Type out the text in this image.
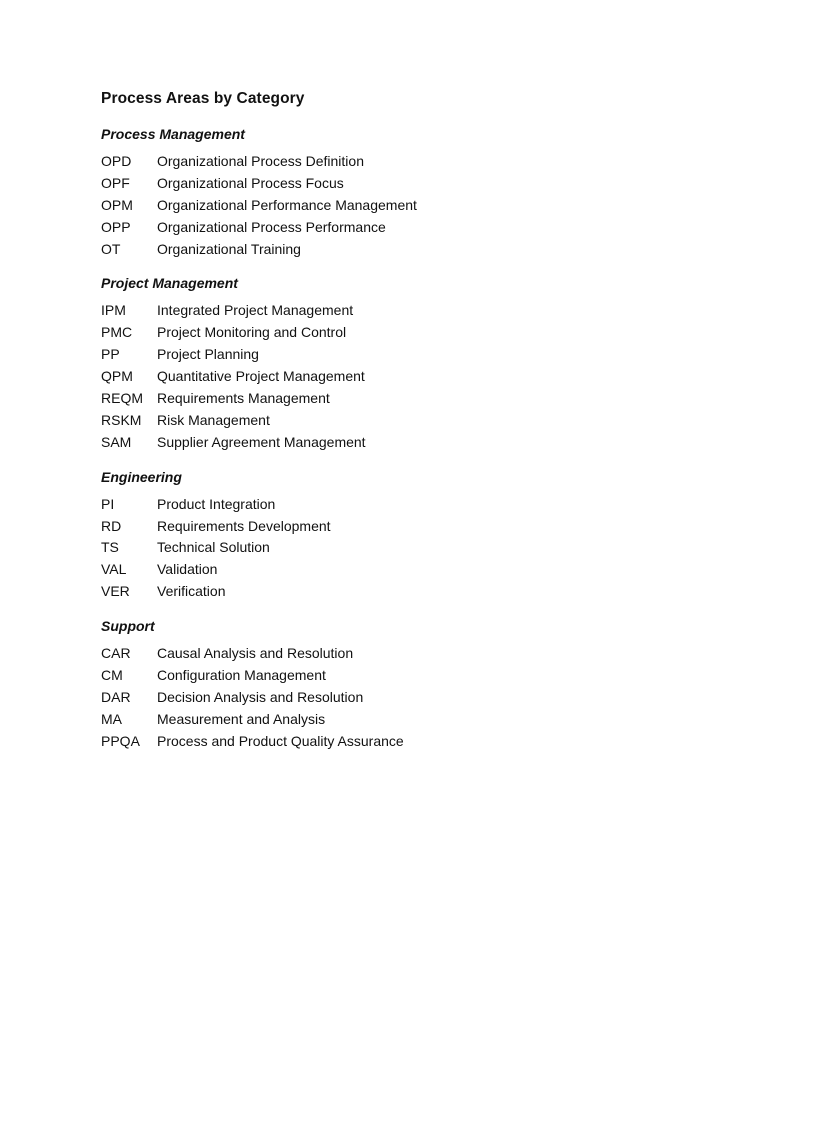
Process Areas by Category
Process Management
OPD	Organizational Process Definition
OPF	Organizational Process Focus
OPM	Organizational Performance Management
OPP	Organizational Process Performance
OT	Organizational Training
Project Management
IPM	Integrated Project Management
PMC	Project Monitoring and Control
PP	Project Planning
QPM	Quantitative Project Management
REQM	Requirements Management
RSKM	Risk Management
SAM	Supplier Agreement Management
Engineering
PI	Product Integration
RD	Requirements Development
TS	Technical Solution
VAL	Validation
VER	Verification
Support
CAR	Causal Analysis and Resolution
CM	Configuration Management
DAR	Decision Analysis and Resolution
MA	Measurement and Analysis
PPQA	Process and Product Quality Assurance
